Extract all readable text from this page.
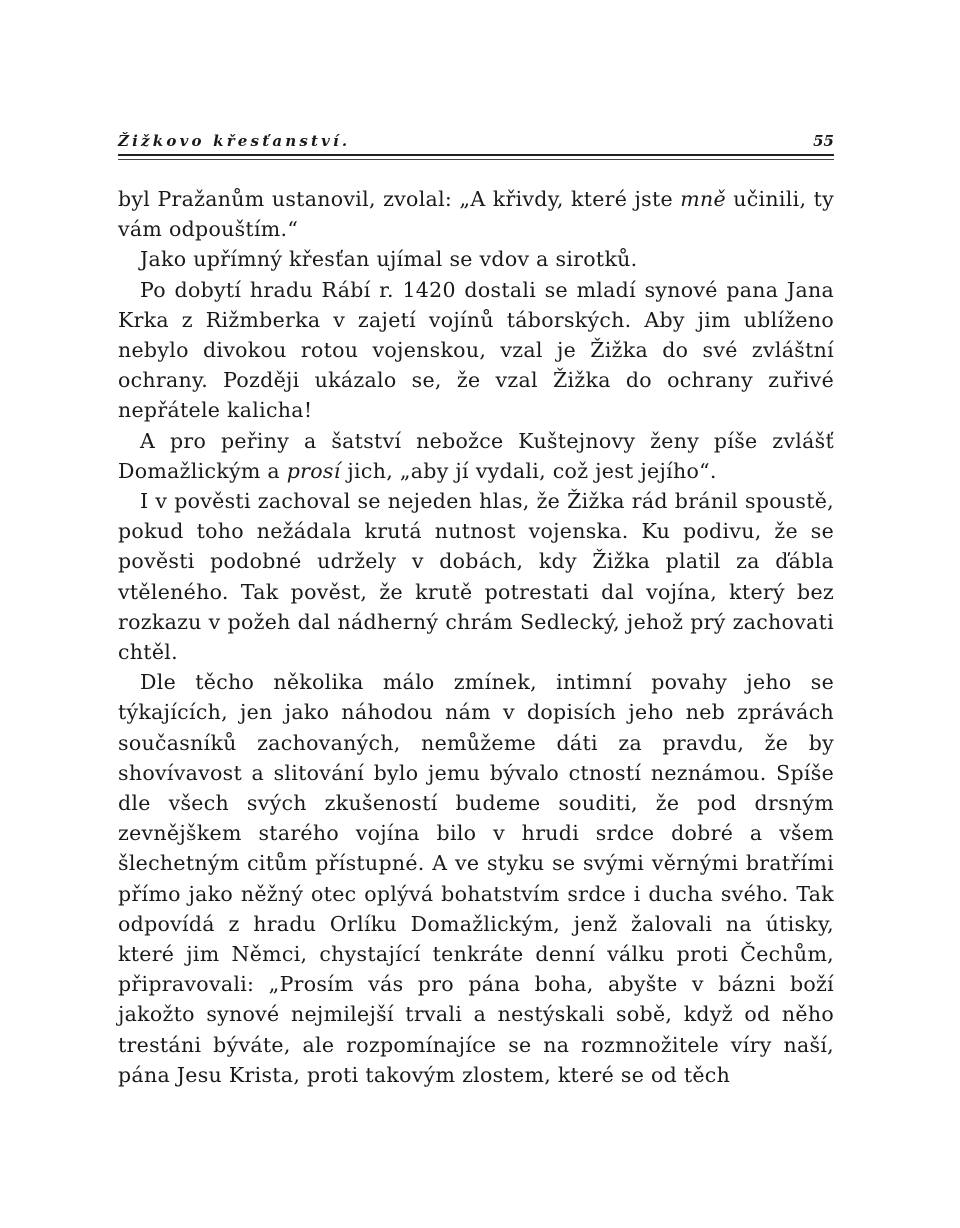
Žižkovo křesťanství.	55

byl Pražanům ustanovil, zvolal: „A křivdy, které jste mně učinili, ty vám odpouštím.“

Jako upřímný křesťan ujímal se vdov a sirotků.

Po dobytí hradu Rábí r. 1420 dostali se mladí synové pana Jana Krka z Rižmberka v zajetí vojínů táborských. Aby jim ublíženo nebylo divokou rotou vojenskou, vzal je Žižka do své zvláštní ochrany. Později ukázalo se, že vzal Žižka do ochrany zuřivé nepřátele kalicha!

A pro peřiny a šatství nebožce Kuštejnovy ženy píše zvlášť Domažlickým a prosí jich, „aby jí vydali, což jest jejího“.

I v pověsti zachoval se nejeden hlas, že Žižka rád bránil spoustě, pokud toho nežádala krutá nutnost vojenska. Ku podivu, že se pověsti podobné udržely v dobách, kdy Žižka platil za ďábla vtěleného. Tak pověst, že krutě potrestati dal vojína, který bez rozkazu v požeh dal nádherný chrám Sedlecký, jehož prý zachovati chtěl.

Dle těcho několika málo zmínek, intimní povahy jeho se týkajících, jen jako náhodou nám v dopisích jeho neb zprávách současníků zachovaných, nemůžeme dáti za pravdu, že by shovívavost a slitování bylo jemu bývalo ctností neznámou. Spíše dle všech svých zkušeností budeme souditi, že pod drsným zevnějškem starého vojína bilo v hrudi srdce dobré a všem šlechetným citům přístupné. A ve styku se svými věrnými bratřími přímo jako něžný otec oplývá bohatstvím srdce i ducha svého. Tak odpovídá z hradu Orlíku Domažlickým, jenž žalovali na útisky, které jim Němci, chystající tenkráte denní válku proti Čechům, připravovali: „Prosím vás pro pána boha, abyšte v bázni boží jakožto synové nejmilejší trvali a nestýskali sobě, když od něho trestáni býváte, ale rozpomínajíce se na rozmnožitele víry naší, pána Jesu Krista, proti takovým zlostem, které se od těch
